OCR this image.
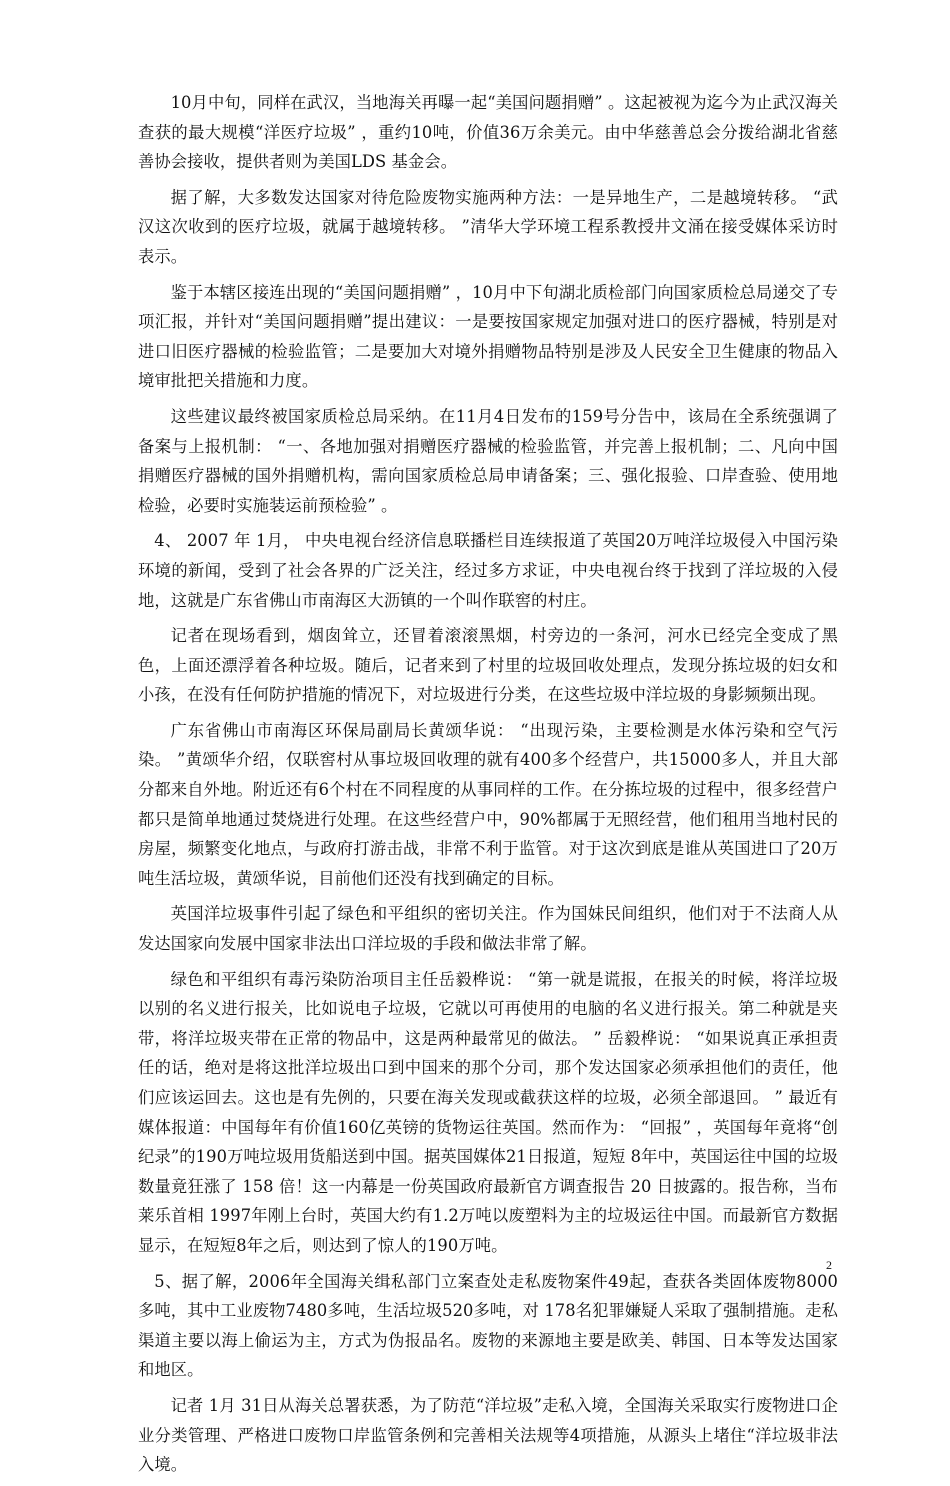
10月中旬，同样在武汉，当地海关再曝一起“美国问题捐赠” 。这起被视为迄今为止武汉海关查获的最大规模“洋医疗垃圾” ，重约10吨，价值36万余美元。由中华慈善总会分拨给湖北省慈善协会接收，提供者则为美国LDS 基金会。

据了解，大多数发达国家对待危险废物实施两种方法：一是异地生产，二是越境转移。 “武汉这次收到的医疗垃圾，就属于越境转移。 ”清华大学环境工程系教授井文涌在接受媒体采访时表示。

鉴于本辖区接连出现的“美国问题捐赠” ，10月中下旬湖北质检部门向国家质检总局递交了专项汇报，并针对“美国问题捐赠”提出建议：一是要按国家规定加强对进口的医疗器械，特别是对进口旧医疗器械的检验监管；二是要加大对境外捐赠物品特别是涉及人民安全卫生健康的物品入境审批把关措施和力度。

这些建议最终被国家质检总局采纳。在11月4日发布的159号分告中，该局在全系统强调了备案与上报机制： “一、各地加强对捐赠医疗器械的检验监管，并完善上报机制；二、凡向中国捐赠医疗器械的国外捐赠机构，需向国家质检总局申请备案；三、强化报验、口岸查验、使用地检验，必要时实施装运前预检验” 。

4、 2007 年 1月， 中央电视台经济信息联播栏目连续报道了英国20万吨洋垃圾侵入中国污染环境的新闻，受到了社会各界的广泛关注，经过多方求证，中央电视台终于找到了洋垃圾的入侵地，这就是广东省佛山市南海区大沥镇的一个叫作联窖的村庄。

记者在现场看到，烟囱耸立，还冒着滚滚黑烟，村旁边的一条河，河水已经完全变成了黑色，上面还漂浮着各种垃圾。随后，记者来到了村里的垃圾回收处理点，发现分拣垃圾的妇女和小孩，在没有任何防护措施的情况下，对垃圾进行分类，在这些垃圾中洋垃圾的身影频频出现。

广东省佛山市南海区环保局副局长黄颂华说： “出现污染，主要检测是水体污染和空气污染。 ”黄颂华介绍，仅联窖村从事垃圾回收理的就有400多个经营户，共15000多人，并且大部分都来自外地。附近还有6个村在不同程度的从事同样的工作。在分拣垃圾的过程中，很多经营户都只是简单地通过焚烧进行处理。在这些经营户中，90%都属于无照经营，他们租用当地村民的房屋，频繁变化地点，与政府打游击战，非常不利于监管。对于这次到底是谁从英国进口了20万吨生活垃圾，黄颂华说，目前他们还没有找到确定的目标。

英国洋垃圾事件引起了绿色和平组织的密切关注。作为国妹民间组织，他们对于不法商人从发达国家向发展中国家非法出口洋垃圾的手段和做法非常了解。

绿色和平组织有毒污染防治项目主任岳毅桦说： “第一就是谎报，在报关的时候，将洋垃圾以别的名义进行报关，比如说电子垃圾，它就以可再使用的电脑的名义进行报关。第二种就是夹带，将洋垃圾夹带在正常的物品中，这是两种最常见的做法。 ” 岳毅桦说： “如果说真正承担责任的话，绝对是将这批洋垃圾出口到中国来的那个分司，那个发达国家必须承担他们的责任，他们应该运回去。这也是有先例的，只要在海关发现或截获这样的垃圾，必须全部退回。 ” 最近有媒体报道：中国每年有价值160亿英镑的货物运往英国。然而作为： “回报” ，英国每年竟将“创纪录”的190万吨垃圾用货船送到中国。据英国媒体21日报道，短短 8年中，英国运往中国的垃圾数量竟狂涨了 158 倍！这一内幕是一份英国政府最新官方调查报告 20 日披露的。报告称，当布莱乐首相 1997年刚上台时，英国大约有1.2万吨以废塑料为主的垃圾运往中国。而最新官方数据显示，在短短8年之后，则达到了惊人的190万吨。

5、据了解，2006年全国海关缉私部门立案查处走私废物案件49起，查获各类固体废物8000多吨，其中工业废物7480多吨，生活垃圾520多吨，对 178名犯罪嫌疑人采取了强制措施。走私渠道主要以海上偷运为主，方式为伪报品名。废物的来源地主要是欧美、韩国、日本等发达国家和地区。

记者 1月 31日从海关总署获悉，为了防范“洋垃圾”走私入境，全国海关采取实行废物进口企业分类管理、严格进口废物口岸监管条例和完善相关法规等4项措施，从源头上堵住“洋垃圾非法入境。

2
